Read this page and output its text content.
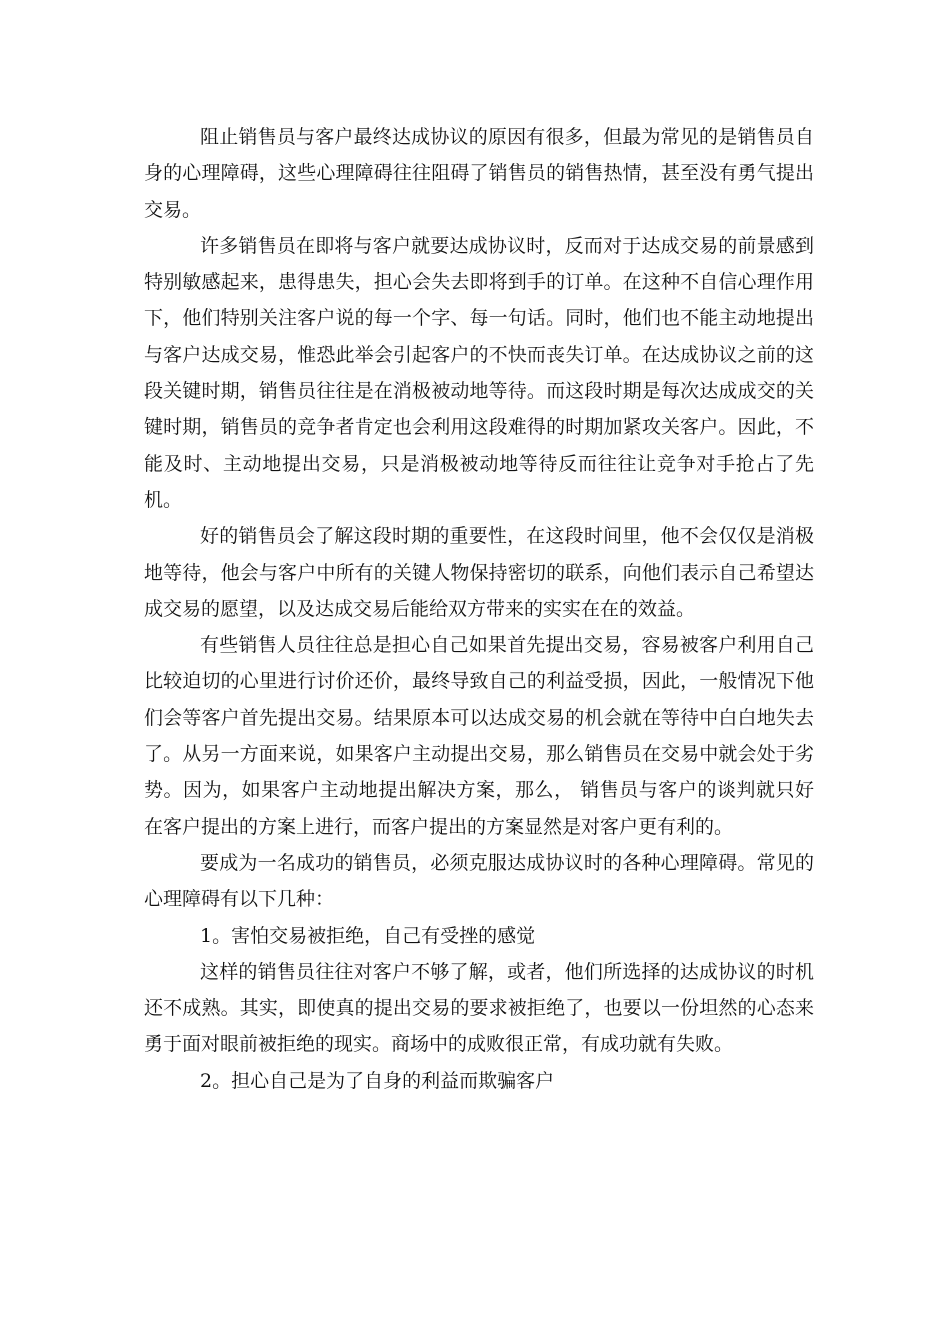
阻止销售员与客户最终达成协议的原因有很多，但最为常见的是销售员自身的心理障碍，这些心理障碍往往阻碍了销售员的销售热情，甚至没有勇气提出交易。

许多销售员在即将与客户就要达成协议时，反而对于达成交易的前景感到特别敏感起来，患得患失，担心会失去即将到手的订单。在这种不自信心理作用下，他们特别关注客户说的每一个字、每一句话。同时，他们也不能主动地提出与客户达成交易，惟恐此举会引起客户的不快而丧失订单。在达成协议之前的这段关键时期，销售员往往是在消极被动地等待。而这段时期是每次达成成交的关键时期，销售员的竞争者肯定也会利用这段难得的时期加紧攻关客户。因此，不能及时、主动地提出交易，只是消极被动地等待反而往往让竞争对手抢占了先机。

好的销售员会了解这段时期的重要性，在这段时间里，他不会仅仅是消极地等待，他会与客户中所有的关键人物保持密切的联系，向他们表示自己希望达成交易的愿望，以及达成交易后能给双方带来的实实在在的效益。

有些销售人员往往总是担心自己如果首先提出交易，容易被客户利用自己比较迫切的心里进行讨价还价，最终导致自己的利益受损，因此，一般情况下他们会等客户首先提出交易。结果原本可以达成交易的机会就在等待中白白地失去了。从另一方面来说，如果客户主动提出交易，那么销售员在交易中就会处于劣势。因为，如果客户主动地提出解决方案，那么， 销售员与客户的谈判就只好在客户提出的方案上进行，而客户提出的方案显然是对客户更有利的。

要成为一名成功的销售员，必须克服达成协议时的各种心理障碍。常见的心理障碍有以下几种：

1。害怕交易被拒绝，自己有受挫的感觉

这样的销售员往往对客户不够了解，或者，他们所选择的达成协议的时机还不成熟。其实，即使真的提出交易的要求被拒绝了，也要以一份坦然的心态来勇于面对眼前被拒绝的现实。商场中的成败很正常，有成功就有失败。

2。担心自己是为了自身的利益而欺骗客户
